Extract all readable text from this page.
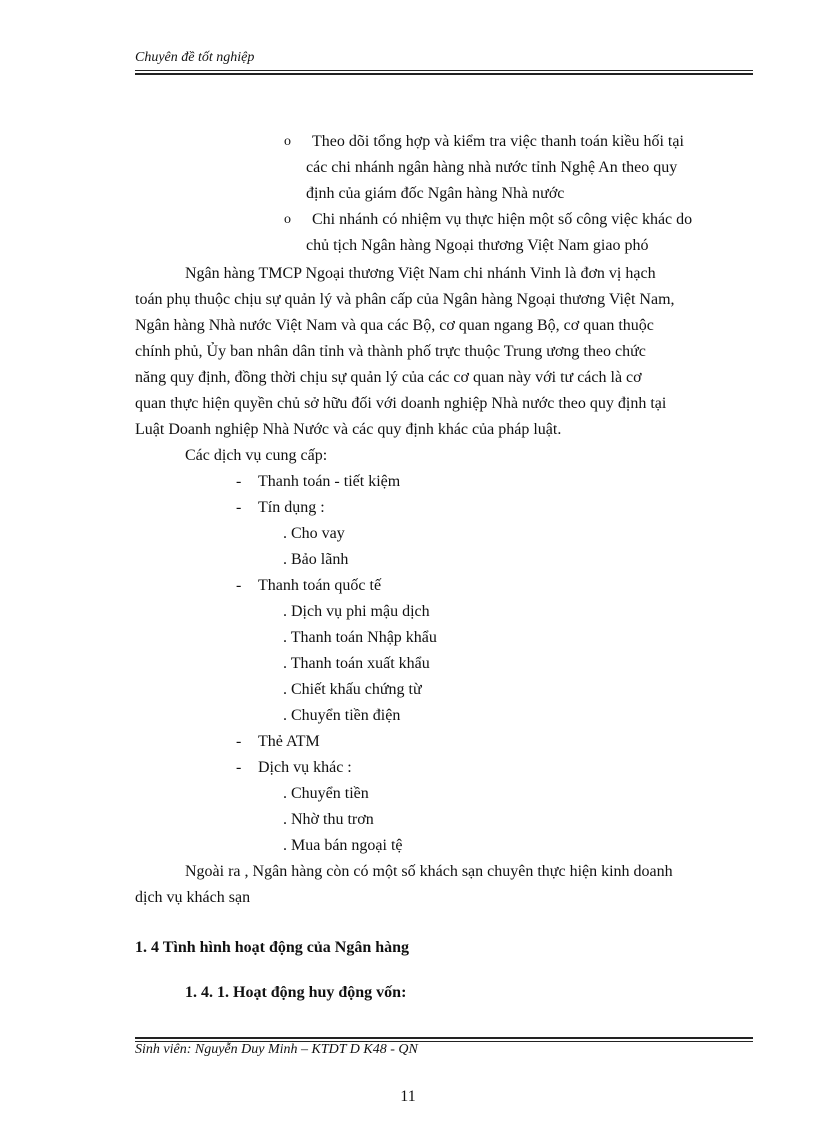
Chuyên đề tốt nghiệp
o Theo dõi tổng hợp và kiểm tra việc thanh toán kiều hối tại
các chi nhánh ngân hàng nhà nước tỉnh Nghệ An theo quy
định của giám đốc Ngân hàng Nhà nước
o Chi nhánh có nhiệm vụ thực hiện một số công việc khác do
chủ tịch Ngân hàng Ngoại thương Việt Nam giao phó
Ngân hàng TMCP Ngoại thương Việt Nam chi nhánh Vinh là đơn vị hạch
toán phụ thuộc chịu sự quản lý và phân cấp của Ngân hàng Ngoại thương Việt Nam,
Ngân hàng Nhà nước Việt Nam và qua các Bộ, cơ quan ngang Bộ, cơ quan thuộc
chính phủ, Ủy ban nhân dân tỉnh và thành phố trực thuộc Trung ương theo chức
năng quy định, đồng thời chịu sự quản lý của các cơ quan này với tư cách là cơ
quan thực hiện quyền chủ sở hữu đối với doanh nghiệp Nhà nước theo quy định tại
Luật Doanh nghiệp Nhà Nước và các quy định khác của pháp luật.
Các dịch vụ cung cấp:
- Thanh toán - tiết kiệm
- Tín dụng :
. Cho vay
. Bảo lãnh
- Thanh toán quốc tế
. Dịch vụ phi mậu dịch
. Thanh toán Nhập khẩu
. Thanh toán xuất khẩu
. Chiết khấu chứng từ
. Chuyển tiền điện
- Thẻ ATM
- Dịch vụ khác :
. Chuyển tiền
. Nhờ thu trơn
. Mua bán ngoại tệ
Ngoài ra , Ngân hàng còn có một số khách sạn chuyên thực hiện kinh doanh
dịch vụ khách sạn
1. 4 Tình hình hoạt động của Ngân hàng
1. 4. 1. Hoạt động huy động vốn:
Sinh viên: Nguyễn Duy Minh – KTDT D K48 - QN
11
